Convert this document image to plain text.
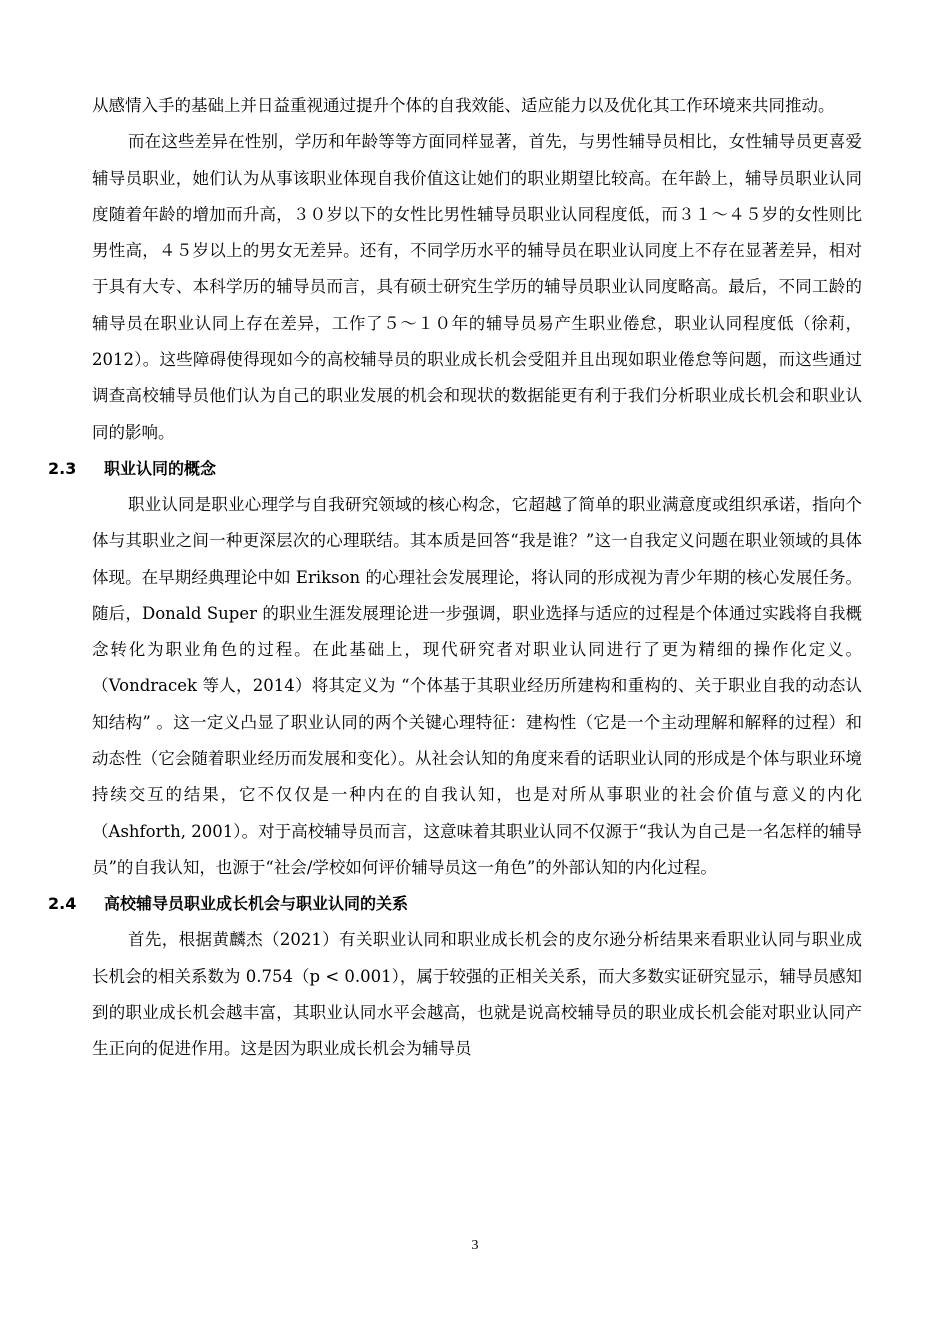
从感情入手的基础上并日益重视通过提升个体的自我效能、适应能力以及优化其工作环境来共同推动。

而在这些差异在性别，学历和年龄等等方面同样显著，首先，与男性辅导员相比，女性辅导员更喜爱辅导员职业，她们认为从事该职业体现自我价值这让她们的职业期望比较高。在年龄上，辅导员职业认同度随着年龄的增加而升高，３０岁以下的女性比男性辅导员职业认同程度低，而３１～４５岁的女性则比男性高，４５岁以上的男女无差异。还有，不同学历水平的辅导员在职业认同度上不存在显著差异，相对于具有大专、本科学历的辅导员而言，具有硕士研究生学历的辅导员职业认同度略高。最后，不同工龄的辅导员在职业认同上存在差异，工作了５～１０年的辅导员易产生职业倦怠，职业认同程度低（徐莉，2012）。这些障碍使得现如今的高校辅导员的职业成长机会受阻并且出现如职业倦怠等问题，而这些通过调查高校辅导员他们认为自己的职业发展的机会和现状的数据能更有利于我们分析职业成长机会和职业认同的影响。

2.3 职业认同的概念

职业认同是职业心理学与自我研究领域的核心构念，它超越了简单的职业满意度或组织承诺，指向个体与其职业之间一种更深层次的心理联结。其本质是回答“我是谁？”这一自我定义问题在职业领域的具体体现。在早期经典理论中如 Erikson 的心理社会发展理论，将认同的形成视为青少年期的核心发展任务。随后，Donald Super 的职业生涯发展理论进一步强调，职业选择与适应的过程是个体通过实践将自我概念转化为职业角色的过程。在此基础上，现代研究者对职业认同进行了更为精细的操作化定义。（Vondracek 等人，2014）将其定义为 “个体基于其职业经历所建构和重构的、关于职业自我的动态认知结构” 。这一定义凸显了职业认同的两个关键心理特征：建构性（它是一个主动理解和解释的过程）和动态性（它会随着职业经历而发展和变化）。从社会认知的角度来看的话职业认同的形成是个体与职业环境持续交互的结果，它不仅仅是一种内在的自我认知，也是对所从事职业的社会价值与意义的内化（Ashforth, 2001）。对于高校辅导员而言，这意味着其职业认同不仅源于“我认为自己是一名怎样的辅导员”的自我认知，也源于“社会/学校如何评价辅导员这一角色”的外部认知的内化过程。

2.4 高校辅导员职业成长机会与职业认同的关系

首先，根据黄麟杰（2021）有关职业认同和职业成长机会的皮尔逊分析结果来看职业认同与职业成长机会的相关系数为 0.754（p < 0.001），属于较强的正相关关系，而大多数实证研究显示，辅导员感知到的职业成长机会越丰富，其职业认同水平会越高，也就是说高校辅导员的职业成长机会能对职业认同产生正向的促进作用。这是因为职业成长机会为辅导员

3
